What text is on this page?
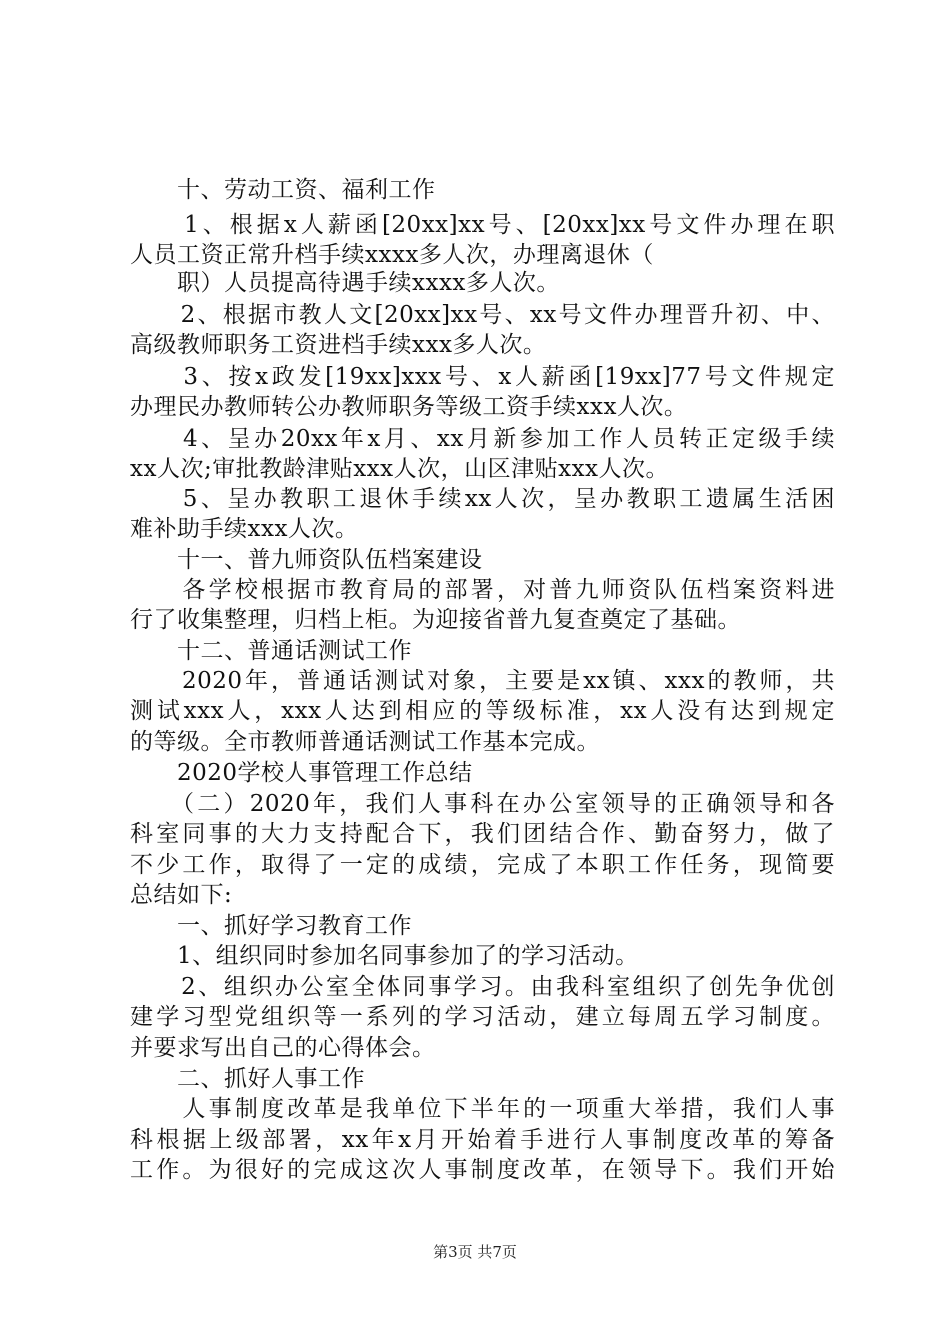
　　十、劳动工资、福利工作
　　1、根据x人薪函[20xx]xx号、[20xx]xx号文件办理在职
人员工资正常升档手续xxxx多人次，办理离退休（
　　职）人员提高待遇手续xxxx多人次。
　　2、根据市教人文[20xx]xx号、xx号文件办理晋升初、中、
高级教师职务工资进档手续xxx多人次。
　　3、按x政发[19xx]xxx号、x人薪函[19xx]77号文件规定
办理民办教师转公办教师职务等级工资手续xxx人次。
　　4、呈办20xx年x月、xx月新参加工作人员转正定级手续
xx人次;审批教龄津贴xxx人次，山区津贴xxx人次。
　　5、呈办教职工退休手续xx人次，呈办教职工遗属生活困
难补助手续xxx人次。
　　十一、普九师资队伍档案建设
　　各学校根据市教育局的部署，对普九师资队伍档案资料进
行了收集整理，归档上柜。为迎接省普九复查奠定了基础。
　　十二、普通话测试工作
　　2020年，普通话测试对象，主要是xx镇、xxx的教师，共
测试xxx人，xxx人达到相应的等级标准，xx人没有达到规定
的等级。全市教师普通话测试工作基本完成。
　　2020学校人事管理工作总结
　　（二）2020年，我们人事科在办公室领导的正确领导和各
科室同事的大力支持配合下，我们团结合作、勤奋努力，做了
不少工作，取得了一定的成绩，完成了本职工作任务，现简要
总结如下:
　　一、抓好学习教育工作
　　1、组织同时参加名同事参加了的学习活动。
　　2、组织办公室全体同事学习。由我科室组织了创先争优创
建学习型党组织等一系列的学习活动，建立每周五学习制度。
并要求写出自己的心得体会。
　　二、抓好人事工作
　　人事制度改革是我单位下半年的一项重大举措，我们人事
科根据上级部署，xx年x月开始着手进行人事制度改革的筹备
工作。为很好的完成这次人事制度改革，在领导下。我们开始
第3页 共7页
